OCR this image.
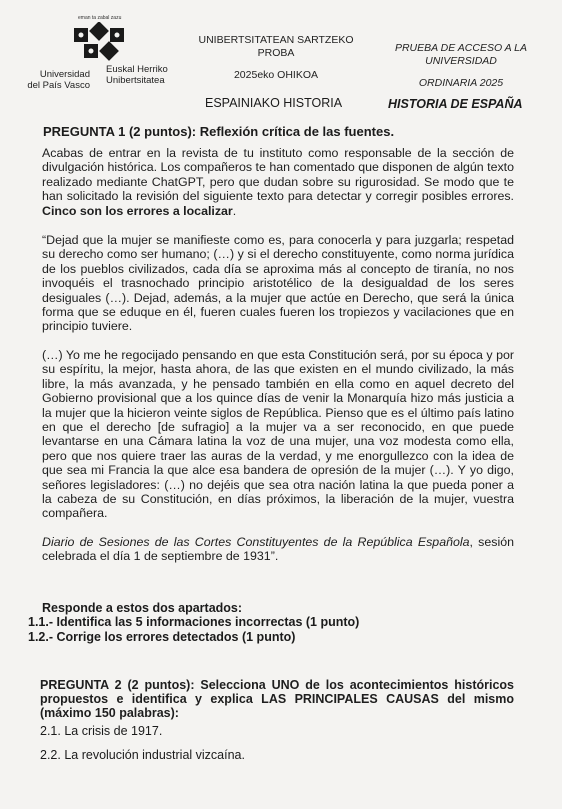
eman ta zabal zazu
Universidad
del País Vasco
Euskal Herriko
Unibertsitatea
UNIBERTSITATEAN SARTZEKO
PROBA
2025eko OHIKOA
PRUEBA DE ACCESO A LA
UNIVERSIDAD
ORDINARIA 2025
ESPAINIAKO HISTORIA	HISTORIA DE ESPAÑA
PREGUNTA 1 (2 puntos): Reflexión crítica de las fuentes.
Acabas de entrar en la revista de tu instituto como responsable de la sección de divulgación histórica. Los compañeros te han comentado que disponen de algún texto realizado mediante ChatGPT, pero que dudan sobre su rigurosidad. Se modo que te han solicitado la revisión del siguiente texto para detectar y corregir posibles errores. Cinco son los errores a localizar.
“Dejad que la mujer se manifieste como es, para conocerla y para juzgarla; respetad su derecho como ser humano; (…) y si el derecho constituyente, como norma jurídica de los pueblos civilizados, cada día se aproxima más al concepto de tiranía, no nos invoquéis el trasnochado principio aristotélico de la desigualdad de los seres desiguales (…). Dejad, además, a la mujer que actúe en Derecho, que será la única forma que se eduque en él, fueren cuales fueren los tropiezos y vacilaciones que en principio tuviere.
(…) Yo me he regocijado pensando en que esta Constitución será, por su época y por su espíritu, la mejor, hasta ahora, de las que existen en el mundo civilizado, la más libre, la más avanzada, y he pensado también en ella como en aquel decreto del Gobierno provisional que a los quince días de venir la Monarquía hizo más justicia a la mujer que la hicieron veinte siglos de República. Pienso que es el último país latino en que el derecho [de sufragio] a la mujer va a ser reconocido, en que puede levantarse en una Cámara latina la voz de una mujer, una voz modesta como ella, pero que nos quiere traer las auras de la verdad, y me enorgullezco con la idea de que sea mi Francia la que alce esa bandera de opresión de la mujer (…). Y yo digo, señores legisladores: (…) no dejéis que sea otra nación latina la que pueda poner a la cabeza de su Constitución, en días próximos, la liberación de la mujer, vuestra compañera.
Diario de Sesiones de las Cortes Constituyentes de la República Española, sesión celebrada el día 1 de septiembre de 1931”.
Responde a estos dos apartados:
1.1.- Identifica las 5 informaciones incorrectas (1 punto)
1.2.- Corrige los errores detectados (1 punto)
PREGUNTA 2 (2 puntos): Selecciona UNO de los acontecimientos históricos propuestos e identifica y explica LAS PRINCIPALES CAUSAS del mismo (máximo 150 palabras):
2.1. La crisis de 1917.
2.2. La revolución industrial vizcaína.
